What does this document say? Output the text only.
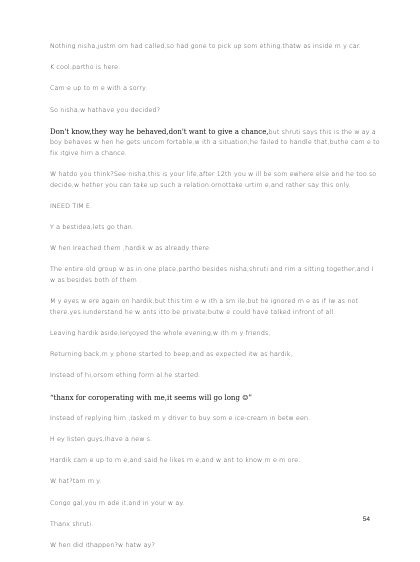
Nothing nisha,justm om had called,so had gone to pick up som ething,thatw as inside m y car.

K cool,partho is here.

Cam e up to m e with a sorry.

So nisha,w hathave you decided?

Don't know,they way he behaved,don't want to give a chance,but shruti says this is the w ay a boy behaves w hen he gets uncom fortable,w ith a situation,he failed to handle that,buthe cam e to fix itgive him a chance.

W hatdo you think?See nisha,this is your life,after 12th you w ill be som ewhere else and he too.so decide,w hether you can take up such a relation ornottake urtim e,and rather say this only.

INEED TIM E.

Y a bestidea,lets go than.

W hen Ireached them ,hardik w as already there.

The entire old group w as in one place,partho besides nisha,shruti and rim a sitting together,and I w as besides both of them .

M y eyes w ere again on hardik,but this tim e w ith a sm ile,but he ignored m e as if Iw as not there,yes Iunderstand he w ants itto be private,butw e could have talked infront of all.

Leaving hardik aside,Ienjoyed the whole evening,w ith m y friends,

Returning back,m y phone started to beep,and as expected itw as hardik,

Instead of hi,orsom ething form al,he started.

“thanx for coroperating with me,it seems will go long ☺”

Instead of replying him ,Iasked m y driver to buy som e ice-cream in betw een.

H ey listen guys,Ihave a new s.

Hardik cam e up to m e,and said he likes m e,and w ant to know m e m ore.

W hat?tam m y.

Congo gal,you m ade it,and in your w ay.

Thanx shruti.

W hen did ithappen?w hatw ay?

54
